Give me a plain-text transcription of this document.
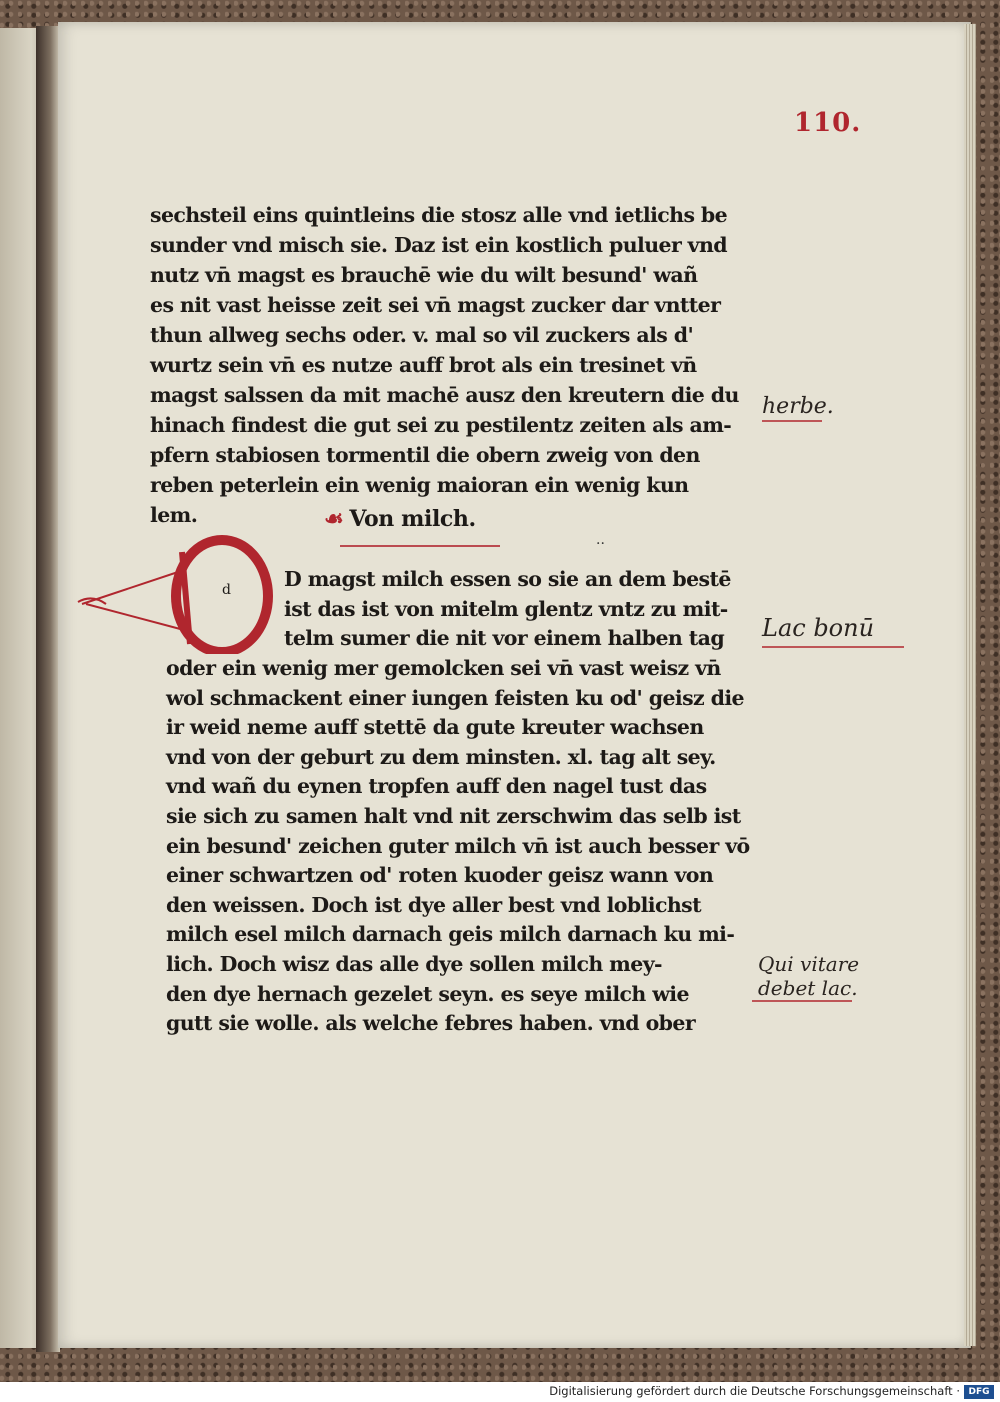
110.
sechsteil eins quintleins die stosz alle vnd ietlichs be
sunder vnd misch sie. Daz ist ein kostlich puluer vnd
nutz vn̄ magst es brauchē wie du wilt besund' wañ
es nit vast heisse zeit sei vn̄ magst zucker dar vntter
thun allweg sechs oder. v. mal so vil zuckers als d'
wurtz sein vn̄ es nutze auff brot als ein tresinet vn̄
magst salssen da mit machē ausz den kreutern die du
hinach findest die gut sei zu pestilentz zeiten als am-
pfern stabiosen tormentil die obern zweig von den
reben peterlein ein wenig maioran ein wenig kun
lem.	☙ Von milch.
··
d	D magst milch essen so sie an dem bestē
ist das ist von mitelm glentz vntz zu mit-
telm sumer die nit vor einem halben tag
oder ein wenig mer gemolcken sei vn̄ vast weisz vn̄
wol schmackent einer iungen feisten ku od' geisz die
ir weid neme auff stettē da gute kreuter wachsen
vnd von der geburt zu dem minsten. xl. tag alt sey.
vnd wañ du eynen tropfen auff den nagel tust das
sie sich zu samen halt vnd nit zerschwim das selb ist
ein besund' zeichen guter milch vn̄ ist auch besser vō
einer schwartzen od' roten kuoder geisz wann von
den weissen. Doch ist dye aller best vnd loblichst
milch esel milch darnach geis milch darnach ku mi-
lich. Doch wisz das alle dye sollen milch mey-
den dye hernach gezelet seyn. es seye milch wie
gutt sie wolle. als welche febres haben. vnd ober
herbe.
Lac bonū
Qui vitare
debet lac.
Digitalisierung gefördert durch die Deutsche Forschungsgemeinschaft · DFG
